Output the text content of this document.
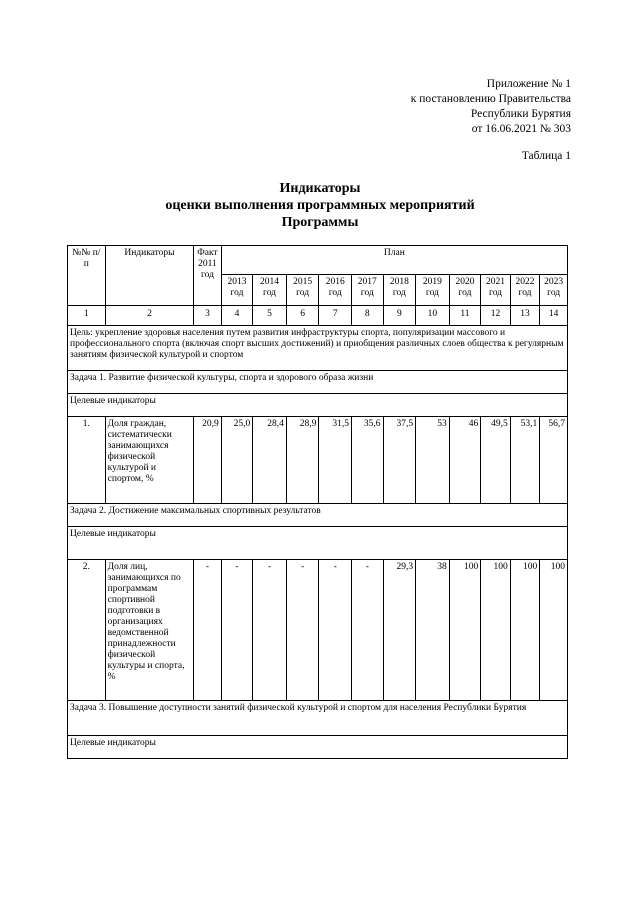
Приложение № 1
к постановлению Правительства
Республики Бурятия
от 16.06.2021 № 303
Таблица 1
Индикаторы
оценки выполнения программных мероприятий
Программы
№№ п/п	Индикаторы	Факт 2011 год	План										
			2013 год	2014 год	2015 год	2016 год	2017 год	2018 год	2019 год	2020 год	2021 год	2022 год	2023 год
1	2	3	4	5	6	7	8	9	10	11	12	13	14
Цель: укрепление здоровья населения путем развития инфраструктуры спорта, популяризации массового и профессионального спорта (включая спорт высших достижений) и приобщения различных слоев общества к регулярным занятиям физической культурой и спортом													
Задача 1. Развитие физической культуры, спорта и здорового образа жизни													
Целевые индикаторы													
1.	Доля граждан, систематически занимающихся физической культурой и спортом, %	20,9	25,0	28,4	28,9	31,5	35,6	37,5	53	46	49,5	53,1	56,7
Задача 2. Достижение максимальных спортивных результатов													
Целевые индикаторы													
2.	Доля лиц, занимающихся по программам спортивной подготовки в организациях ведомственной принадлежности физической культуры и спорта, %	-	-	-	-	-	-	29,3	38	100	100	100	100
Задача 3. Повышение доступности занятий физической культурой и спортом для населения Республики Бурятия													
Целевые индикаторы													
